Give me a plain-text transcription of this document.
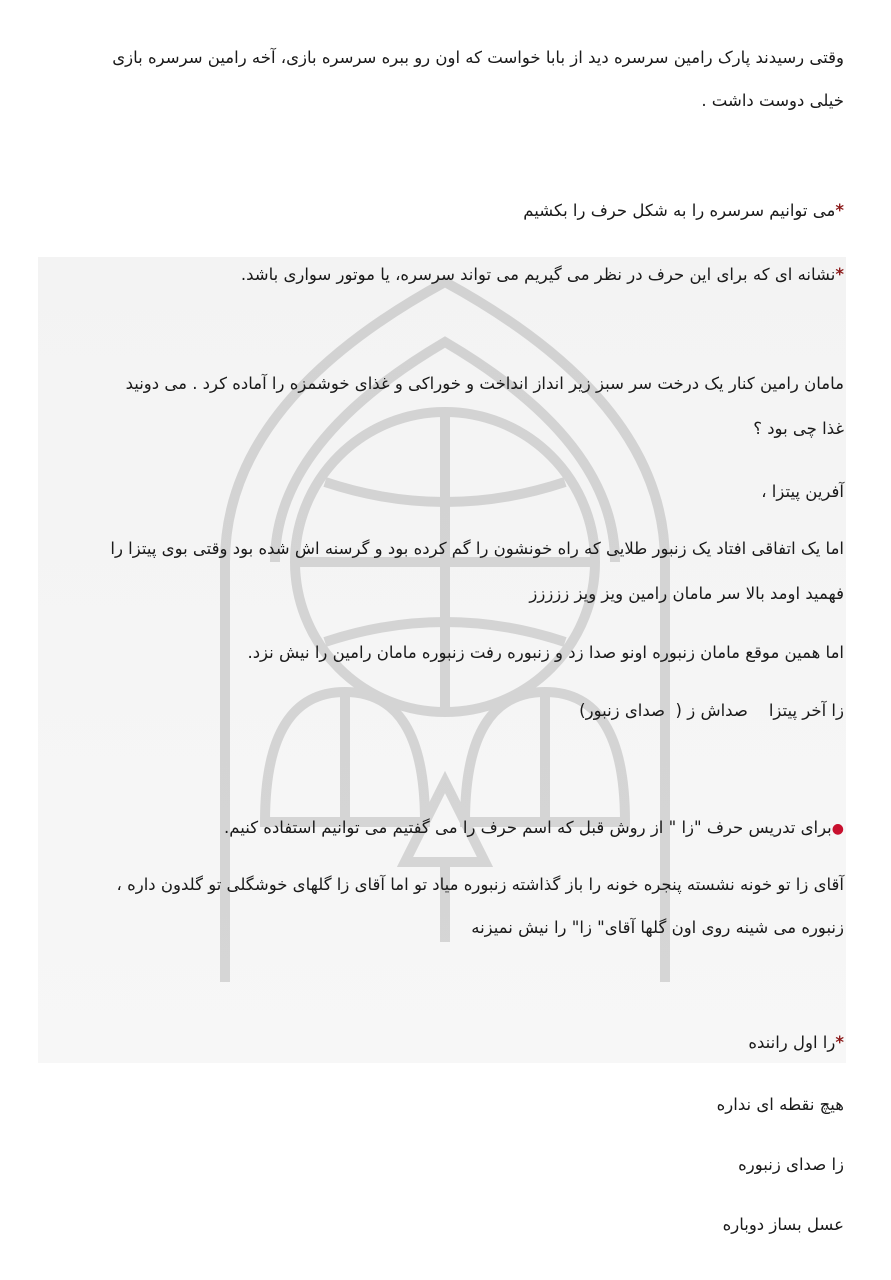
وقتی رسیدند پارک رامین سرسره دید از بابا خواست که اون رو ببره سرسره بازی، آخه رامین سرسره بازی
خیلی دوست داشت .
*می توانیم سرسره را به شکل حرف را بکشیم
*نشانه ای که برای این حرف در نظر می گیریم می تواند سرسره، یا موتور سواری باشد.
مامان رامین کنار یک درخت سر سبز زیر انداز انداخت و خوراکی و غذای خوشمزه را آماده کرد . می دونید
غذا چی بود ؟
آفرین پیتزا ،
اما یک اتفاقی افتاد یک زنبور طلایی که راه خونشون را گم کرده بود و گرسنه اش شده بود وقتی بوی پیتزا را
فهمید اومد بالا سر مامان رامین ویز ویز ززززز
اما همین موقع مامان زنبوره اونو صدا زد و زنبوره رفت زنبوره مامان رامین را نیش نزد.
زا آخر پیتزا    صداش ز (  صدای زنبور)
●برای تدریس حرف "زا " از روش قبل که اسم حرف را می گفتیم می توانیم استفاده کنیم.
آقای زا تو خونه نشسته پنجره خونه را باز گذاشته زنبوره میاد تو اما آقای زا گلهای خوشگلی تو گلدون داره ،
زنبوره می شینه روی اون گلها آقای" زا" را نیش نمیزنه
*را اول راننده
هیچ نقطه ای نداره
زا صدای زنبوره
عسل بساز دوباره
